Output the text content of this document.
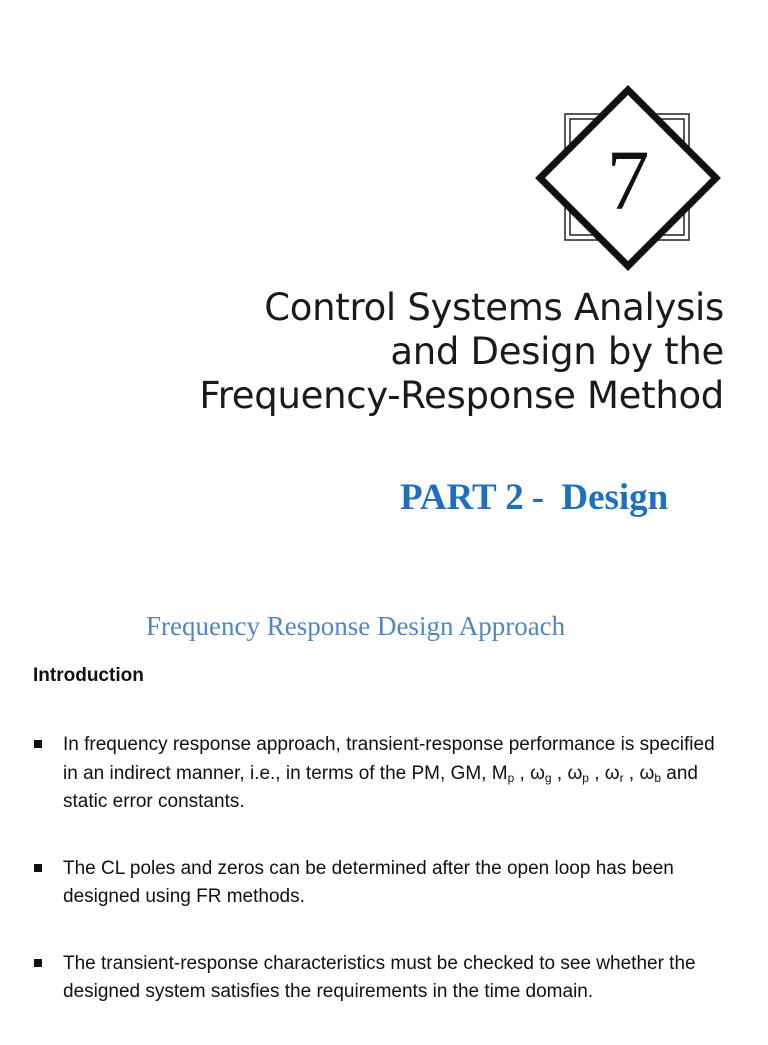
7
Control Systems Analysis
and Design by the
Frequency-Response Method
PART 2 - Design
Frequency Response Design Approach
Introduction
In frequency response approach, transient-response performance is specified in an indirect manner, i.e., in terms of the PM, GM, $M_p$ , $\omega_g$ , $\omega_p$ , $\omega_r$ , $\omega_b$ and static error constants.
The CL poles and zeros can be determined after the open loop has been designed using FR methods.
The transient-response characteristics must be checked to see whether the designed system satisfies the requirements in the time domain.
